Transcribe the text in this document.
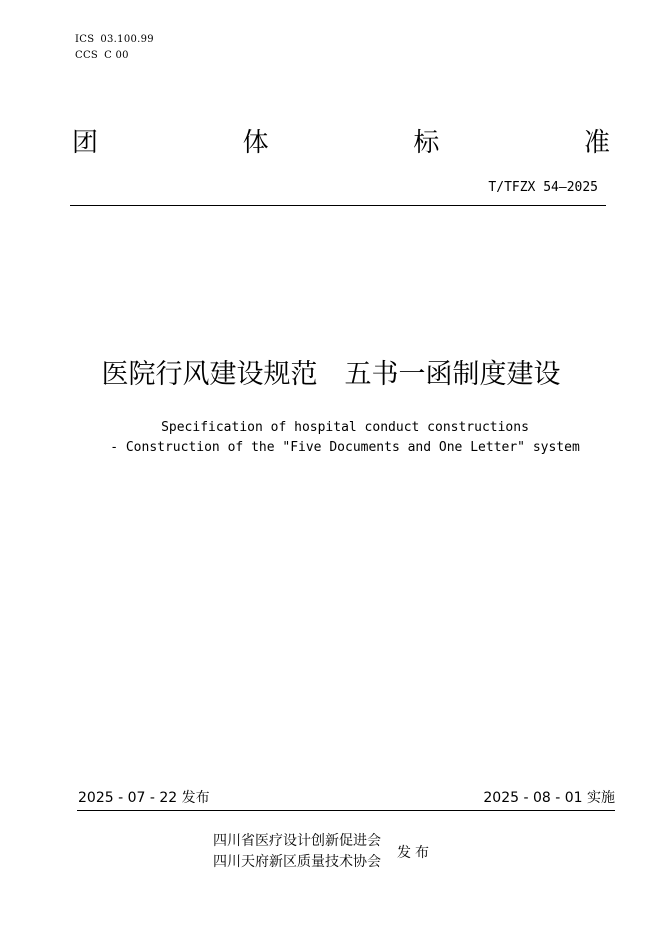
ICS 03.100.99
CCS C 00
团	体	标	准
T/TFZX 54—2025
医院行风建设规范　五书一函制度建设
Specification of hospital conduct constructions
- Construction of the "Five Documents and One Letter" system
2025 - 07 - 22 发布	2025 - 08 - 01 实施
四川省医疗设计创新促进会
四川天府新区质量技术协会
发布
